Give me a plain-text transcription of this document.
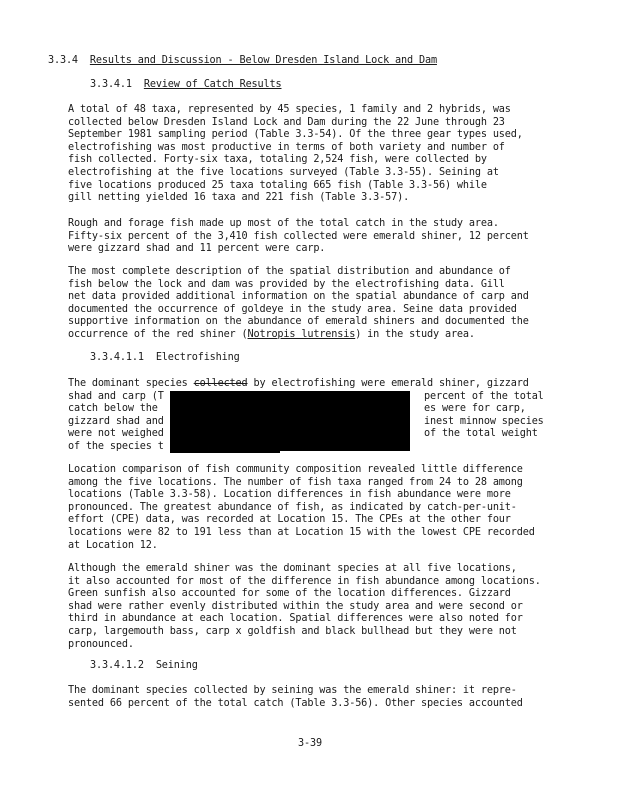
3.3.4 Results and Discussion - Below Dresden Island Lock and Dam
3.3.4.1 Review of Catch Results
A total of 48 taxa, represented by 45 species, 1 family and 2 hybrids, was
collected below Dresden Island Lock and Dam during the 22 June through 23
September 1981 sampling period (Table 3.3-54). Of the three gear types used,
electrofishing was most productive in terms of both variety and number of
fish collected. Forty-six taxa, totaling 2,524 fish, were collected by
electrofishing at the five locations surveyed (Table 3.3-55). Seining at
five locations produced 25 taxa totaling 665 fish (Table 3.3-56) while
gill netting yielded 16 taxa and 221 fish (Table 3.3-57).
Rough and forage fish made up most of the total catch in the study area.
Fifty-six percent of the 3,410 fish collected were emerald shiner, 12 percent
were gizzard shad and 11 percent were carp.
The most complete description of the spatial distribution and abundance of
fish below the lock and dam was provided by the electrofishing data. Gill
net data provided additional information on the spatial abundance of carp and
documented the occurrence of goldeye in the study area. Seine data provided
supportive information on the abundance of emerald shiners and documented the
occurrence of the red shiner (Notropis lutrensis) in the study area.
3.3.4.1.1 Electrofishing
The dominant species collected by electrofishing were emerald shiner, gizzard
shad and carp (T	percent of the total
catch below the	es were for carp,
gizzard shad and	inest minnow species
were not weighed	of the total weight
of the species t
Location comparison of fish community composition revealed little difference
among the five locations. The number of fish taxa ranged from 24 to 28 among
locations (Table 3.3-58). Location differences in fish abundance were more
pronounced. The greatest abundance of fish, as indicated by catch-per-unit-
effort (CPE) data, was recorded at Location 15. The CPEs at the other four
locations were 82 to 191 less than at Location 15 with the lowest CPE recorded
at Location 12.
Although the emerald shiner was the dominant species at all five locations,
it also accounted for most of the difference in fish abundance among locations.
Green sunfish also accounted for some of the location differences. Gizzard
shad were rather evenly distributed within the study area and were second or
third in abundance at each location. Spatial differences were also noted for
carp, largemouth bass, carp x goldfish and black bullhead but they were not
pronounced.
3.3.4.1.2 Seining
The dominant species collected by seining was the emerald shiner: it repre-
sented 66 percent of the total catch (Table 3.3-56). Other species accounted
3-39
